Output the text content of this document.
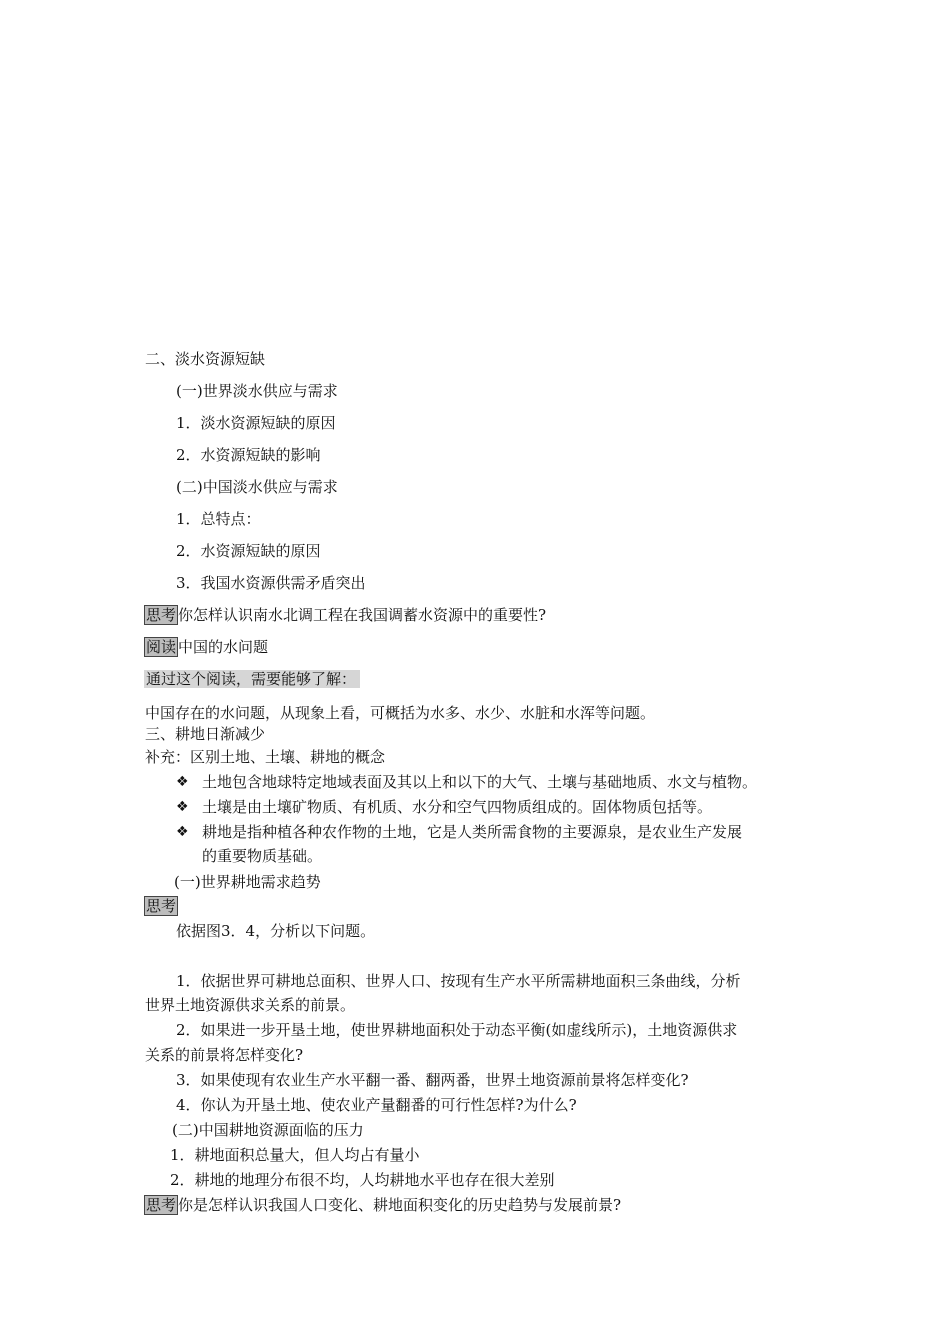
二、淡水资源短缺
(一)世界淡水供应与需求
1．淡水资源短缺的原因
2．水资源短缺的影响
(二)中国淡水供应与需求
1．总特点：
2．水资源短缺的原因
3．我国水资源供需矛盾突出
思考 你怎样认识南水北调工程在我国调蓄水资源中的重要性?
阅读 中国的水问题
通过这个阅读，需要能够了解：
中国存在的水问题，从现象上看，可概括为水多、水少、水脏和水浑等问题。
三、耕地日渐减少
补充：区别土地、土壤、耕地的概念
❖ 土地包含地球特定地域表面及其以上和以下的大气、土壤与基础地质、水文与植物。
❖ 土壤是由土壤矿物质、有机质、水分和空气四物质组成的。固体物质包括等。
❖ 耕地是指种植各种农作物的土地，它是人类所需食物的主要源泉，是农业生产发展
的重要物质基础。
(一)世界耕地需求趋势
思考
依据图3．4，分析以下问题。
1．依据世界可耕地总面积、世界人口、按现有生产水平所需耕地面积三条曲线，分析
世界土地资源供求关系的前景。
2．如果进一步开垦土地，使世界耕地面积处于动态平衡(如虚线所示)，土地资源供求
关系的前景将怎样变化?
3．如果使现有农业生产水平翻一番、翻两番，世界土地资源前景将怎样变化?
4．你认为开垦土地、使农业产量翻番的可行性怎样?为什么?
(二)中国耕地资源面临的压力
1．耕地面积总量大，但人均占有量小
2．耕地的地理分布很不均，人均耕地水平也存在很大差别
思考 你是怎样认识我国人口变化、耕地面积变化的历史趋势与发展前景?
